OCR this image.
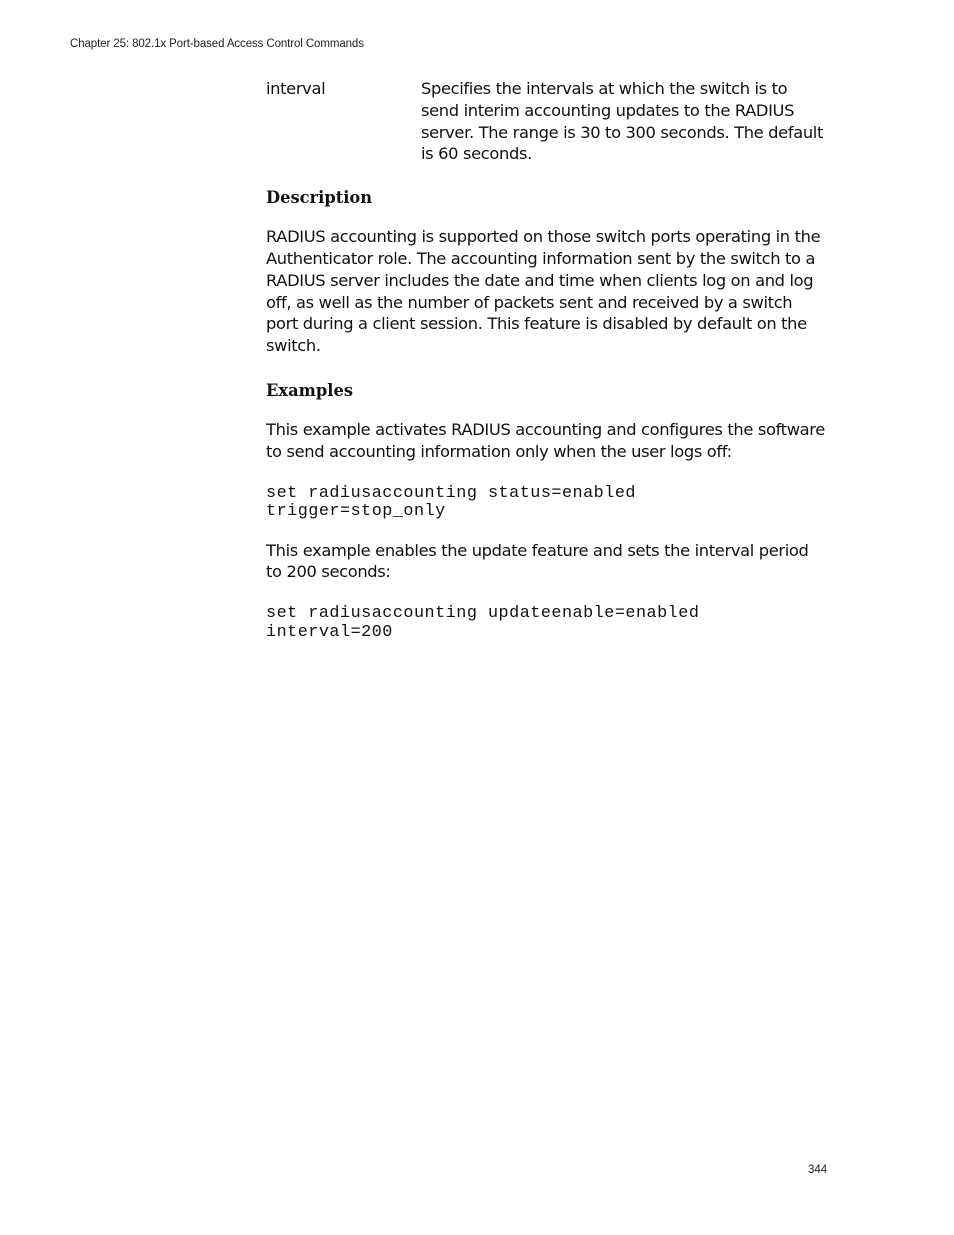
Chapter 25: 802.1x Port-based Access Control Commands
interval	Specifies the intervals at which the switch is to send interim accounting updates to the RADIUS server. The range is 30 to 300 seconds. The default is 60 seconds.
Description

RADIUS accounting is supported on those switch ports operating in the Authenticator role. The accounting information sent by the switch to a RADIUS server includes the date and time when clients log on and log off, as well as the number of packets sent and received by a switch port during a client session. This feature is disabled by default on the switch.

Examples

This example activates RADIUS accounting and configures the software to send accounting information only when the user logs off:

set radiusaccounting status=enabled
trigger=stop_only

This example enables the update feature and sets the interval period to 200 seconds:

set radiusaccounting updateenable=enabled
interval=200
344
